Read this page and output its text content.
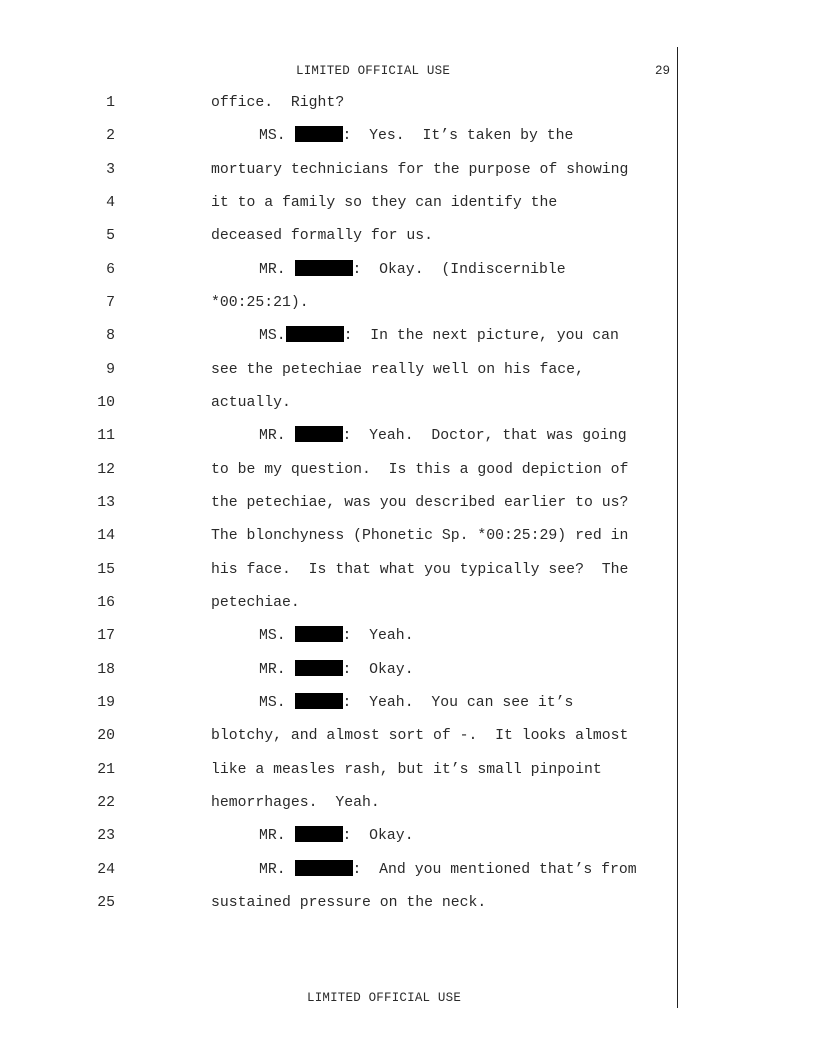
LIMITED OFFICIAL USE	29
1	office.  Right?
2	MS.	:  Yes.  It’s taken by the
3	mortuary technicians for the purpose of showing
4	it to a family so they can identify the
5	deceased formally for us.
6	MR.	:  Okay.  (Indiscernible
7	*00:25:21).
8	MS.	:  In the next picture, you can
9	see the petechiae really well on his face,
10	actually.
11	MR.	:  Yeah.  Doctor, that was going
12	to be my question.  Is this a good depiction of
13	the petechiae, was you described earlier to us?
14	The blonchyness (Phonetic Sp. *00:25:29) red in
15	his face.  Is that what you typically see?  The
16	petechiae.
17	MS.	:  Yeah.
18	MR.	:  Okay.
19	MS.	:  Yeah.  You can see it’s
20	blotchy, and almost sort of -.  It looks almost
21	like a measles rash, but it’s small pinpoint
22	hemorrhages.  Yeah.
23	MR.	:  Okay.
24	MR.	:  And you mentioned that’s from
25	sustained pressure on the neck.
LIMITED OFFICIAL USE
